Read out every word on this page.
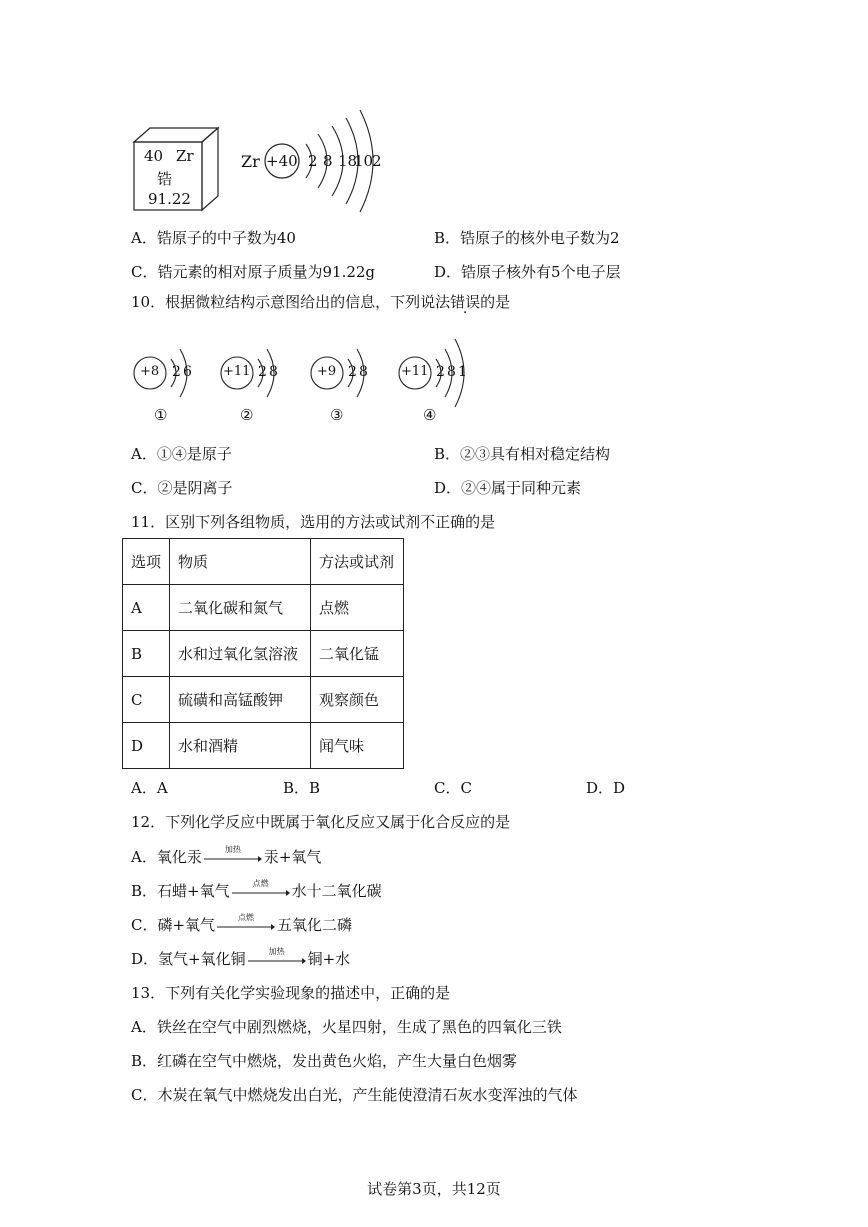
40 Zr
锆
91.22
Zr +40 2 8 18
10
2
A．锆原子的中子数为40	B．锆原子的核外电子数为2
C．锆元素的相对原子质量为91.22g	D．锆原子核外有5个电子层
10．根据微粒结构示意图给出的信息，下列说法错误的是
+8 2 6
①
+11 2 8
②
+9 2 8
③
+11 2 8 1
④
A．①④是原子	B．②③具有相对稳定结构
C．②是阴离子	D．②④属于同种元素
11．区别下列各组物质，选用的方法或试剂不正确的是
选项	物质	方法或试剂
A	二氧化碳和氮气	点燃
B	水和过氧化氢溶液	二氧化锰
C	硫磺和高锰酸钾	观察颜色
D	水和酒精	闻气味
A．A	B．B	C．C	D．D
12．下列化学反应中既属于氧化反应又属于化合反应的是
A．氧化汞	加热	汞+氧气
B．石蜡+氧气	点燃	水十二氧化碳
C．磷+氧气	点燃	五氧化二磷
D．氢气+氧化铜	加热	铜+水
13．下列有关化学实验现象的描述中，正确的是
A．铁丝在空气中剧烈燃烧，火星四射，生成了黑色的四氧化三铁
B．红磷在空气中燃烧，发出黄色火焰，产生大量白色烟雾
C．木炭在氧气中燃烧发出白光，产生能使澄清石灰水变浑浊的气体
试卷第3页，共12页
